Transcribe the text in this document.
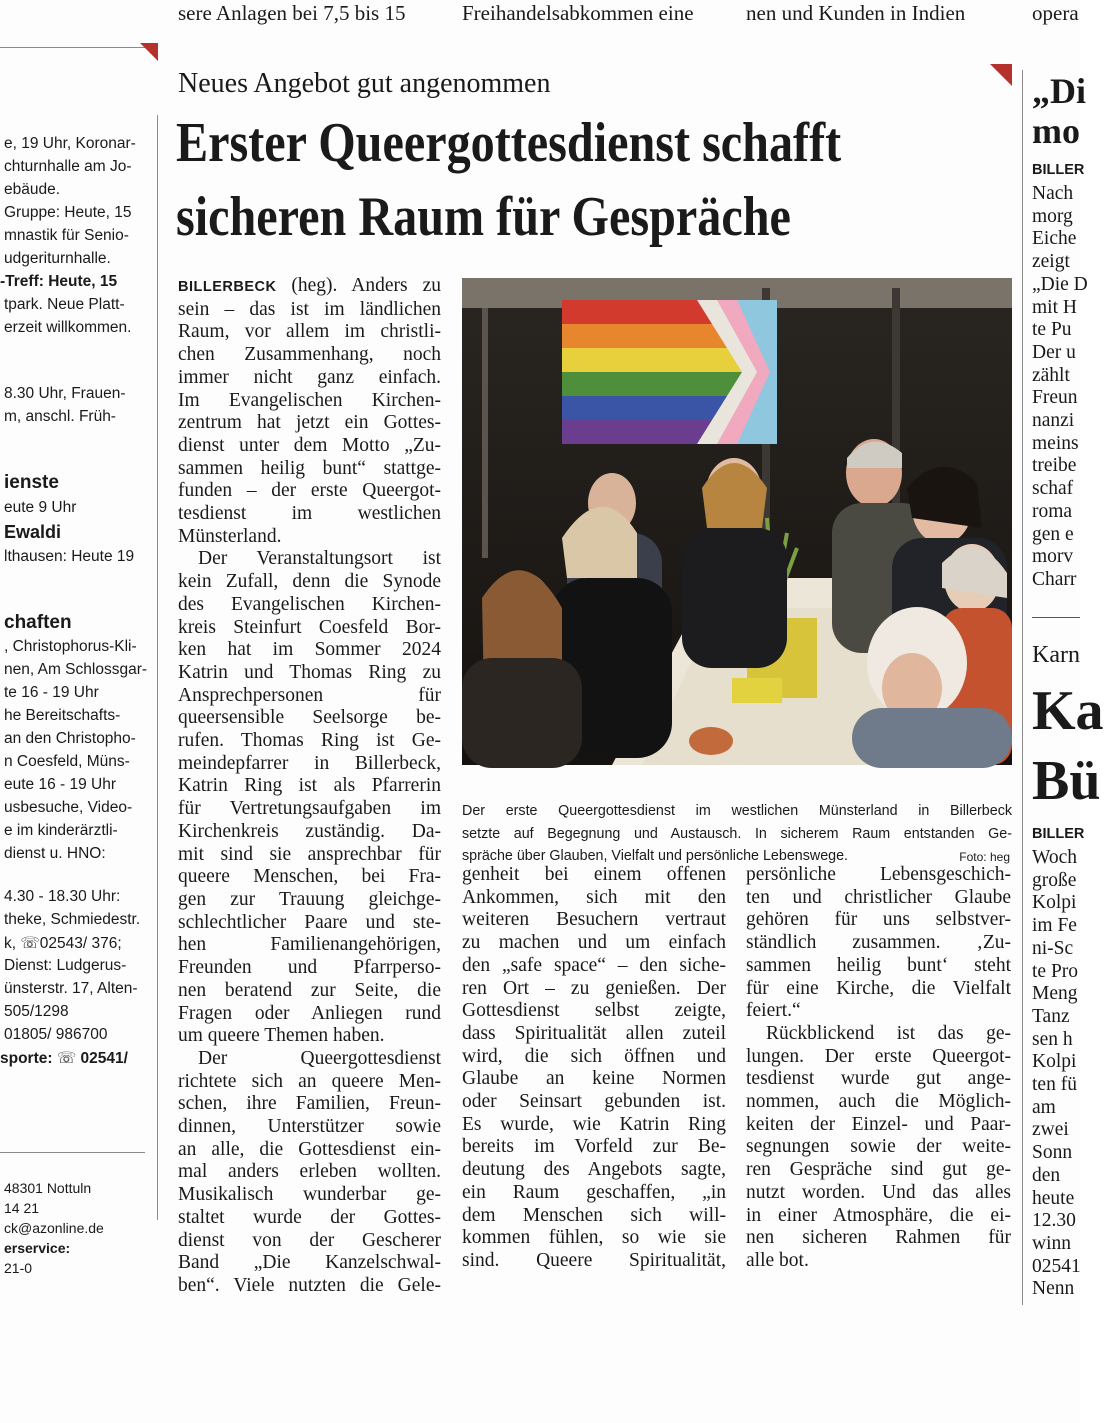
sere Anlagen bei 7,5 bis 15	Freihandelsabkommen eine	nen und Kunden in Indien	opera
e, 19 Uhr, Koronar-
chturnhalle am Jo-
ebäude.
Gruppe: Heute, 15
mnastik für Senio-
udgeriturnhalle.
-Treff: Heute, 15
tpark. Neue Platt-
erzeit willkommen.
8.30 Uhr, Frauen-
m, anschl. Früh-
ienste
eute 9 Uhr
Ewaldi
lthausen: Heute 19
chaften
, Christophorus-Kli-
nen, Am Schlossgar-
te 16 - 19 Uhr
he Bereitschafts-
an den Christopho-
n Coesfeld, Müns-
eute 16 - 19 Uhr
usbesuche, Videо-
e im kinderärztli-
dienst u. HNO:
4.30 - 18.30 Uhr:
theke, Schmiedestr.
k, ☏02543/ 376;
Dienst: Ludgerus-
ünsterstr. 17, Alten-
505/1298
01805/ 986700
sporte: ☏ 02541/
48301 Nottuln
14 21
ck@azonline.de
erservice:
21-0
Neues Angebot gut angenommen
Erster Queergottesdienst schafft
sicheren Raum für Gespräche
Der erste Queergottesdienst im westlichen Münsterland in Billerbeck
setzte auf Begegnung und Austausch. In sicherem Raum entstanden Ge-
spräche über Glauben, Vielfalt und persönliche Lebenswege.	Foto: heg
BILLERBECK (heg). Anders zu
sein – das ist im ländlichen
Raum, vor allem im christli-
chen Zusammenhang, noch
immer nicht ganz einfach.
Im Evangelischen Kirchen-
zentrum hat jetzt ein Gottes-
dienst unter dem Motto „Zu-
sammen heilig bunt“ stattge-
funden – der erste Queergot-
tesdienst im westlichen
Münsterland.
Der Veranstaltungsort ist
kein Zufall, denn die Synode
des Evangelischen Kirchen-
kreis Steinfurt Coesfeld Bor-
ken hat im Sommer 2024
Katrin und Thomas Ring zu
Ansprechpersonen für
queersensible Seelsorge be-
rufen. Thomas Ring ist Ge-
meindepfarrer in Billerbeck,
Katrin Ring ist als Pfarrerin
für Vertretungsaufgaben im
Kirchenkreis zuständig. Da-
mit sind sie ansprechbar für
queere Menschen, bei Fra-
gen zur Trauung gleichge-
schlechtlicher Paare und ste-
hen Familienangehörigen,
Freunden und Pfarrperso-
nen beratend zur Seite, die
Fragen oder Anliegen rund
um queere Themen haben.
Der Queergottesdienst
richtete sich an queere Men-
schen, ihre Familien, Freun-
dinnen, Unterstützer sowie
an alle, die Gottesdienst ein-
mal anders erleben wollten.
Musikalisch wunderbar ge-
staltet wurde der Gottes-
dienst von der Gescherer
Band „Die Kanzelschwal-
ben“. Viele nutzten die Gele-
genheit bei einem offenen
Ankommen, sich mit den
weiteren Besuchern vertraut
zu machen und um einfach
den „safe space“ – den siche-
ren Ort – zu genießen. Der
Gottesdienst selbst zeigte,
dass Spiritualität allen zuteil
wird, die sich öffnen und
Glaube an keine Normen
oder Seinsart gebunden ist.
Es wurde, wie Katrin Ring
bereits im Vorfeld zur Be-
deutung des Angebots sagte,
ein Raum geschaffen, „in
dem Menschen sich will-
kommen fühlen, so wie sie
sind. Queere Spiritualität,
persönliche Lebensgeschich-
ten und christlicher Glaube
gehören für uns selbstver-
ständlich zusammen. ‚Zu-
sammen heilig bunt‘ steht
für eine Kirche, die Vielfalt
feiert.“
Rückblickend ist das ge-
lungen. Der erste Queergot-
tesdienst wurde gut ange-
nommen, auch die Möglich-
keiten der Einzel- und Paar-
segnungen sowie der weite-
ren Gespräche sind gut ge-
nutzt worden. Und das alles
in einer Atmosphäre, die ei-
nen sicheren Rahmen für
alle bot.
„Di
mo
BILLER
Nach
morg
Eiche
zeigt
„Die D
mit H
te Pu
Der u
zählt
Freun
nanzi
meins
treibe
schaf
roma
gen e
morv
Charr
Karn
Ka
Bü
BILLER
Woch
große
Kolpi
im Fe
ni-Sc
te Pro
Meng
Tanz
sen h
Kolpi
ten fü
am
zwei
Sonn
den
heute
12.30
winn
02541
Nenn
